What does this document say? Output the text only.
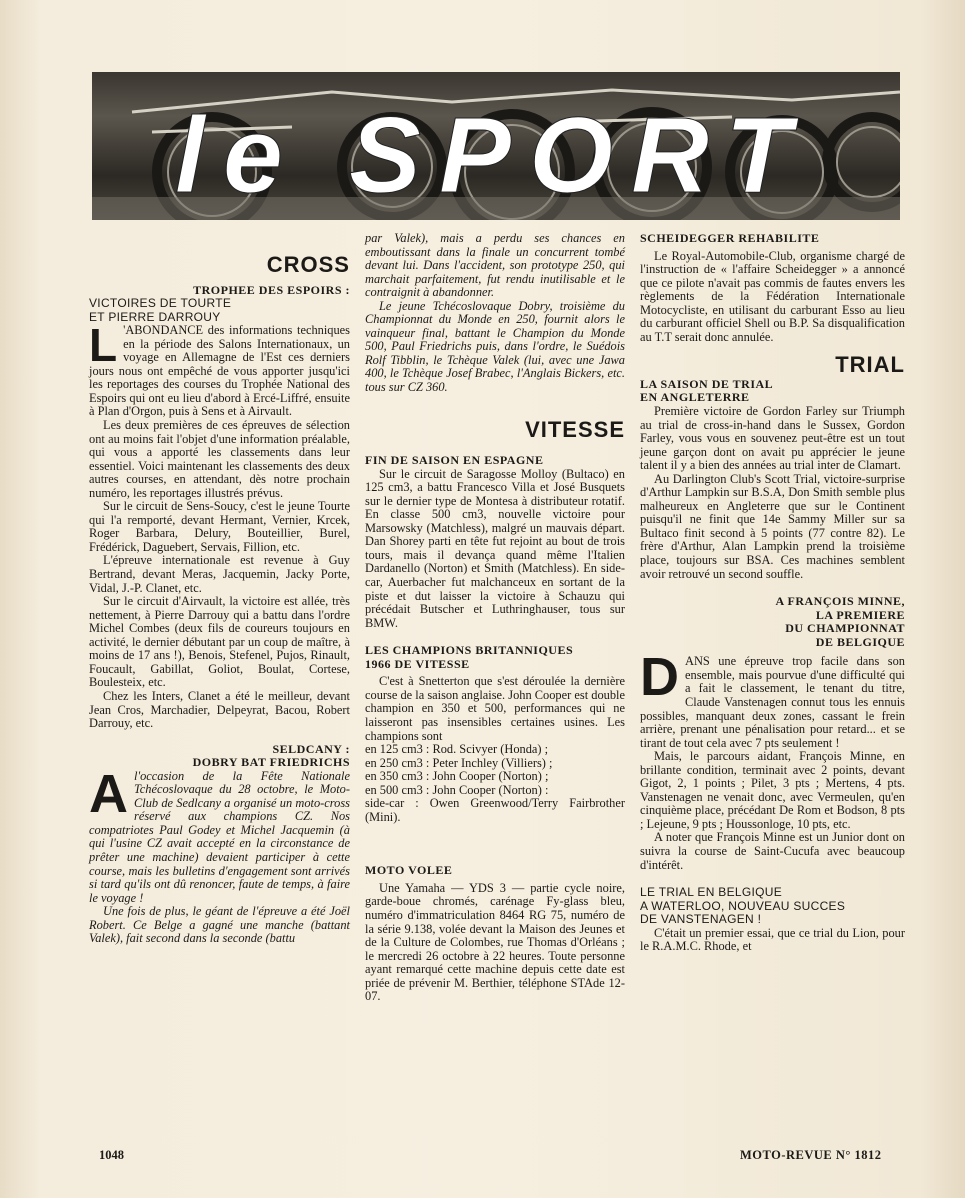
le SPORT
CROSS
TROPHEE DES ESPOIRS :
VICTOIRES DE TOURTE
ET PIERRE DARROUY
L 'ABONDANCE des informations techniques en la période des Salons Internationaux, un voyage en Allemagne de l'Est ces derniers jours nous ont empêché de vous apporter jusqu'ici les reportages des courses du Trophée National des Espoirs qui ont eu lieu d'abord à Ercé-Liffré, ensuite à Plan d'Orgon, puis à Sens et à Airvault.

Les deux premières de ces épreuves de sélection ont au moins fait l'objet d'une information préalable, qui vous a apporté les classements dans leur essentiel. Voici maintenant les classements des deux autres courses, en attendant, dès notre prochain numéro, les reportages illustrés prévus.

Sur le circuit de Sens-Soucy, c'est le jeune Tourte qui l'a remporté, devant Hermant, Vernier, Krcek, Roger Barbara, Delury, Bouteillier, Burel, Frédérick, Daguebert, Servais, Fillion, etc.

L'épreuve internationale est revenue à Guy Bertrand, devant Meras, Jacquemin, Jacky Porte, Vidal, J.-P. Clanet, etc.

Sur le circuit d'Airvault, la victoire est allée, très nettement, à Pierre Darrouy qui a battu dans l'ordre Michel Combes (deux fils de coureurs toujours en activité, le dernier débutant par un coup de maître, à moins de 17 ans !), Benois, Stefenel, Pujos, Rinault, Foucault, Gabillat, Goliot, Boulat, Cortese, Boulesteix, etc.

Chez les Inters, Clanet a été le meilleur, devant Jean Cros, Marchadier, Delpeyrat, Bacou, Robert Darrouy, etc.

SELDCANY :
DOBRY BAT FRIEDRICHS
A l'occasion de la Fête Nationale Tchécoslovaque du 28 octobre, le Moto-Club de Sedlcany a organisé un moto-cross réservé aux champions CZ. Nos compatriotes Paul Godey et Michel Jacquemin (à qui l'usine CZ avait accepté en la circonstance de prêter une machine) devaient participer à cette course, mais les bulletins d'engagement sont arrivés si tard qu'ils ont dû renoncer, faute de temps, à faire le voyage !

Une fois de plus, le géant de l'épreuve a été Joël Robert. Ce Belge a gagné une manche (battant Valek), fait second dans la seconde (battu

par Valek), mais a perdu ses chances en emboutissant dans la finale un concurrent tombé devant lui. Dans l'accident, son prototype 250, qui marchait parfaitement, fut rendu inutilisable et le contraignit à abandonner.

Le jeune Tchécoslovaque Dobry, troisième du Championnat du Monde en 250, fournit alors le vainqueur final, battant le Champion du Monde 500, Paul Friedrichs puis, dans l'ordre, le Suédois Rolf Tibblin, le Tchèque Valek (lui, avec une Jawa 400, le Tchèque Josef Brabec, l'Anglais Bickers, etc. tous sur CZ 360.

VITESSE
FIN DE SAISON EN ESPAGNE

Sur le circuit de Saragosse Molloy (Bultaco) en 125 cm3, a battu Francesco Villa et José Busquets sur le dernier type de Montesa à distributeur rotatif. En classe 500 cm3, nouvelle victoire pour Marsowsky (Matchless), malgré un mauvais départ. Dan Shorey parti en tête fut rejoint au bout de trois tours, mais il devança quand même l'Italien Dardanello (Norton) et Smith (Matchless). En side-car, Auerbacher fut malchanceux en sortant de la piste et dut laisser la victoire à Schauzu qui précédait Butscher et Luthringhauser, tous sur BMW.

LES CHAMPIONS BRITANNIQUES
1966 DE VITESSE

C'est à Snetterton que s'est déroulée la dernière course de la saison anglaise. John Cooper est double champion en 350 et 500, performances qui ne laisseront pas insensibles certaines usines. Les champions sont

en 125 cm3 : Rod. Scivyer (Honda) ;
en 250 cm3 : Peter Inchley (Villiers) ;
en 350 cm3 : John Cooper (Norton) ;
en 500 cm3 : John Cooper (Norton) :
side-car : Owen Greenwood/Terry Fairbrother (Mini).
MOTO VOLEE

Une Yamaha — YDS 3 — partie cycle noire, garde-boue chromés, carénage Fy-glass bleu, numéro d'immatriculation 8464 RG 75, numéro de la série 9.138, volée devant la Maison des Jeunes et de la Culture de Colombes, rue Thomas d'Orléans ; le mercredi 26 octobre à 22 heures. Toute personne ayant remarqué cette machine depuis cette date est priée de prévenir M. Berthier, téléphone STAde 12-07.

SCHEIDEGGER REHABILITE

Le Royal-Automobile-Club, organisme chargé de l'instruction de « l'affaire Scheidegger » a annoncé que ce pilote n'avait pas commis de fautes envers les règlements de la Fédération Internationale Motocycliste, en utilisant du carburant Esso au lieu du carburant officiel Shell ou B.P. Sa disqualification au T.T serait donc annulée.

TRIAL
LA SAISON DE TRIAL
EN ANGLETERRE

Première victoire de Gordon Farley sur Triumph au trial de cross-in-hand dans le Sussex, Gordon Farley, vous vous en souvenez peut-être est un tout jeune garçon dont on avait pu apprécier le jeune talent il y a bien des années au trial inter de Clamart.

Au Darlington Club's Scott Trial, victoire-surprise d'Arthur Lampkin sur B.S.A, Don Smith semble plus malheureux en Angleterre que sur le Continent puisqu'il ne finit que 14e Sammy Miller sur sa Bultaco finit second à 5 points (77 contre 82). Le frère d'Arthur, Alan Lampkin prend la troisième place, toujours sur BSA. Ces machines semblent avoir retrouvé un second souffle.

A FRANÇOIS MINNE,
LA PREMIERE
DU CHAMPIONNAT
DE BELGIQUE
D ANS une épreuve trop facile dans son ensemble, mais pourvue d'une difficulté qui a fait le classement, le tenant du titre, Claude Vanstenagen connut tous les ennuis possibles, manquant deux zones, cassant le frein arrière, prenant une pénalisation pour retard... et se tirant de tout cela avec 7 pts seulement !

Mais, le parcours aidant, François Minne, en brillante condition, terminait avec 2 points, devant Gigot, 2, 1 points ; Pilet, 3 pts ; Mertens, 4 pts. Vanstenagen ne venait donc, avec Vermeulen, qu'en cinquième place, précédant De Rom et Bodson, 8 pts ; Lejeune, 9 pts ; Houssonloge, 10 pts, etc.

A noter que François Minne est un Junior dont on suivra la course de Saint-Cucufa avec beaucoup d'intérêt.

LE TRIAL EN BELGIQUE
A WATERLOO, NOUVEAU SUCCES
DE VANSTENAGEN !

C'était un premier essai, que ce trial du Lion, pour le R.A.M.C. Rhode, et

1048	MOTO-REVUE N° 1812
